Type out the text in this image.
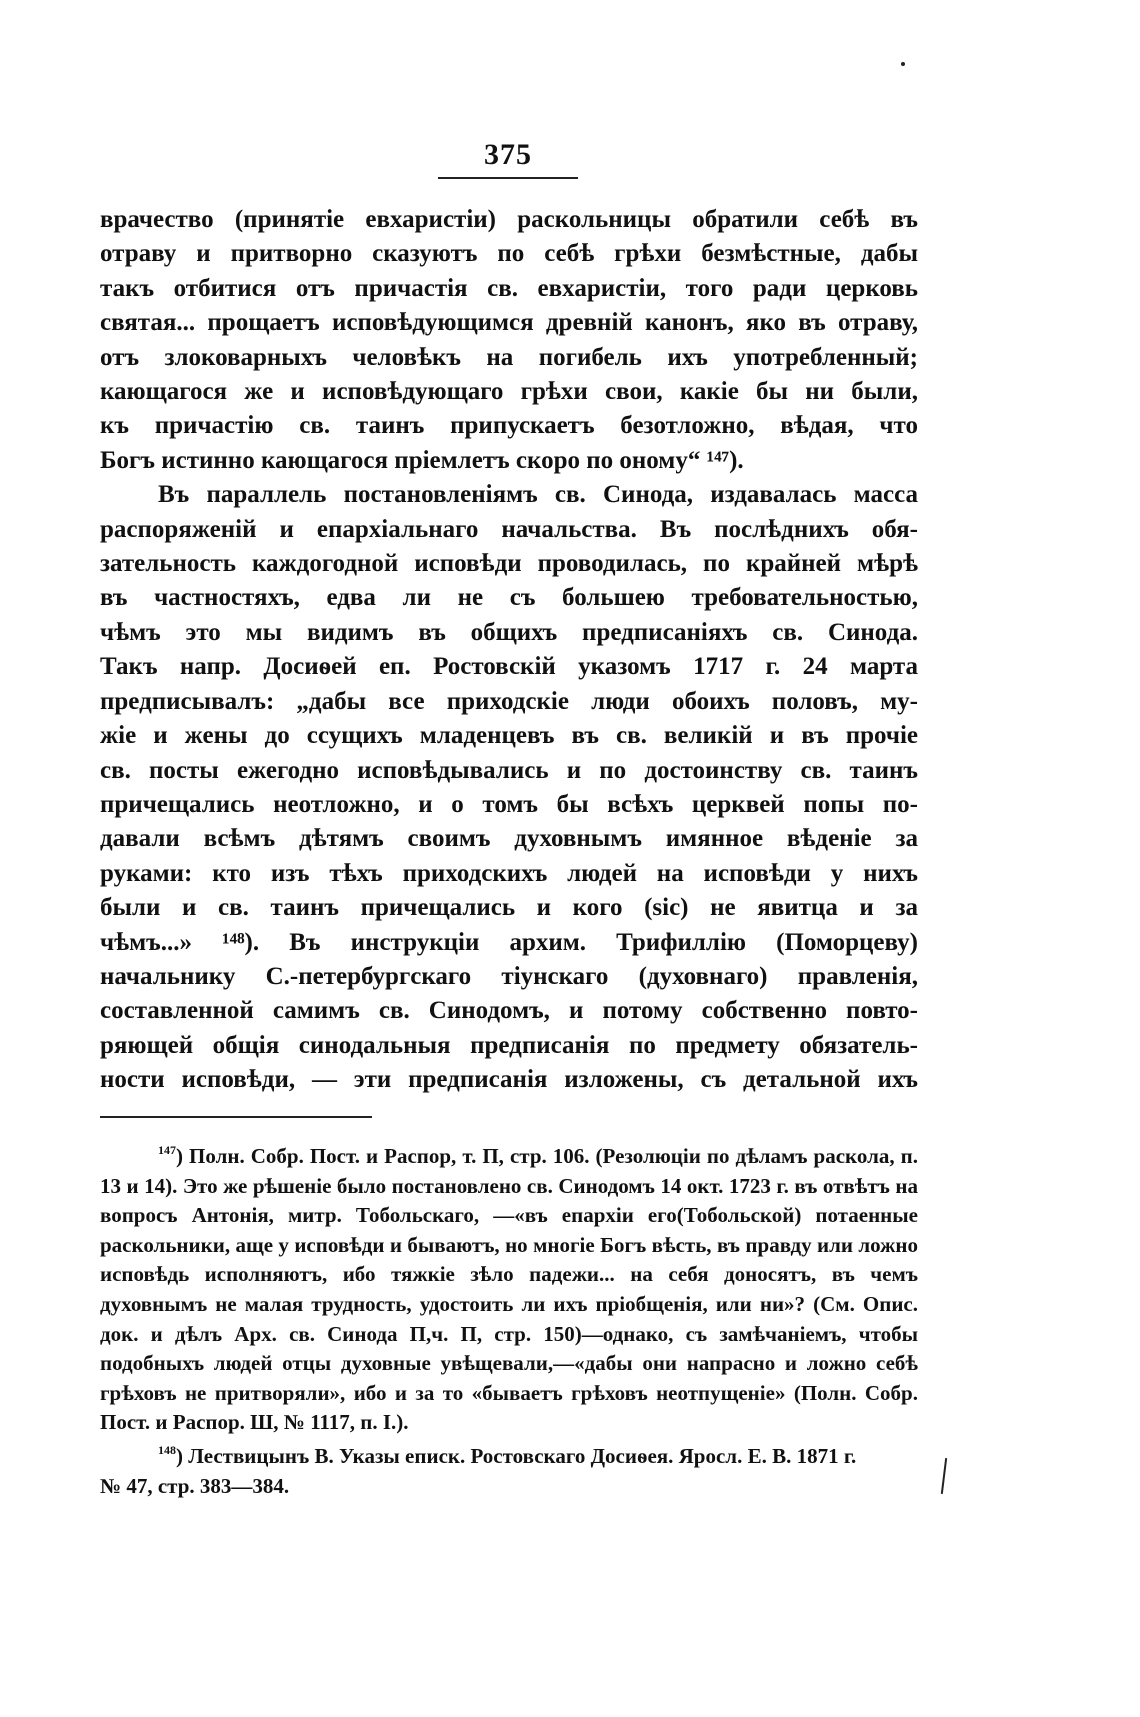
375
врачество (принятіе евхаристіи) раскольницы обратили себѣ въ
отраву и притворно сказуютъ по себѣ грѣхи безмѣстные, дабы
такъ отбитися отъ причастія св. евхаристіи, того ради церковь
святая... прощаетъ исповѣдующимся древній канонъ, яко въ отраву,
отъ злоковарныхъ человѣкъ на погибель ихъ употребленный;
кающагося же и исповѣдующаго грѣхи свои, какіе бы ни были,
къ причастію св. таинъ припускаетъ безотложно, вѣдая, что
Богъ истинно кающагося пріемлетъ скоро по оному“ ¹⁴⁷).
Въ параллель постановленіямъ св. Синода, издавалась масса
распоряженій и епархіальнаго начальства. Въ послѣднихъ обя-
зательность каждогодной исповѣди проводилась, по крайней мѣрѣ
въ частностяхъ, едва ли не съ большею требовательностью,
чѣмъ это мы видимъ въ общихъ предписаніяхъ св. Синода.
Такъ напр. Досиѳей еп. Ростовскій указомъ 1717 г. 24 марта
предписывалъ: „дабы все приходскіе люди обоихъ половъ, му-
жіе и жены до ссущихъ младенцевъ въ св. великій и въ прочіе
св. посты ежегодно исповѣдывались и по достоинству св. таинъ
причещались неотложно, и о томъ бы всѣхъ церквей попы по-
давали всѣмъ дѣтямъ своимъ духовнымъ имянное вѣденіе за
руками: кто изъ тѣхъ приходскихъ людей на исповѣди у нихъ
были и св. таинъ причещались и кого (sic) не явитца и за
чѣмъ...» ¹⁴⁸). Въ инструкціи архим. Трифиллію (Поморцеву)
начальнику С.-петербургскаго тіунскаго (духовнаго) правленія,
составленной самимъ св. Синодомъ, и потому собственно повто-
ряющей общія синодальныя предписанія по предмету обязатель-
ности исповѣди, — эти предписанія изложены, съ детальной ихъ
$^{147}$) Полн. Собр. Пост. и Распор, т. П, стр. 106. (Резолюціи по дѣламъ раскола, п. 13 и 14). Это же рѣшеніе было постановлено св. Синодомъ 14 окт. 1723 г. въ отвѣтъ на вопросъ Антонія, митр. Тобольскаго, —«въ епархіи его(Тобольской) потаенные раскольники, аще у исповѣди и бываютъ, но многіе Богъ вѣсть, въ правду или ложно исповѣдь исполняютъ, ибо тяжкіе зѣло падежи... на себя доносятъ, въ чемъ духовнымъ не малая трудность, удостоить ли ихъ пріобщенія, или ни»? (См. Опис. док. и дѣлъ Арх. св. Синода П,ч. П, стр. 150)—однако, съ замѣчаніемъ, чтобы подобныхъ людей отцы духовные увѣщевали,—«дабы они напрасно и ложно себѣ грѣховъ не притворяли», ибо и за то «бываетъ грѣховъ неотпущеніе» (Полн. Собр. Пост. и Распор. Ш, № 1117, п. I.).
$^{148}$) Лествицынъ В. Указы епиcк. Ростовскаго Досиѳея. Яросл. Е. В. 1871 г. № 47, стр. 383—384.
